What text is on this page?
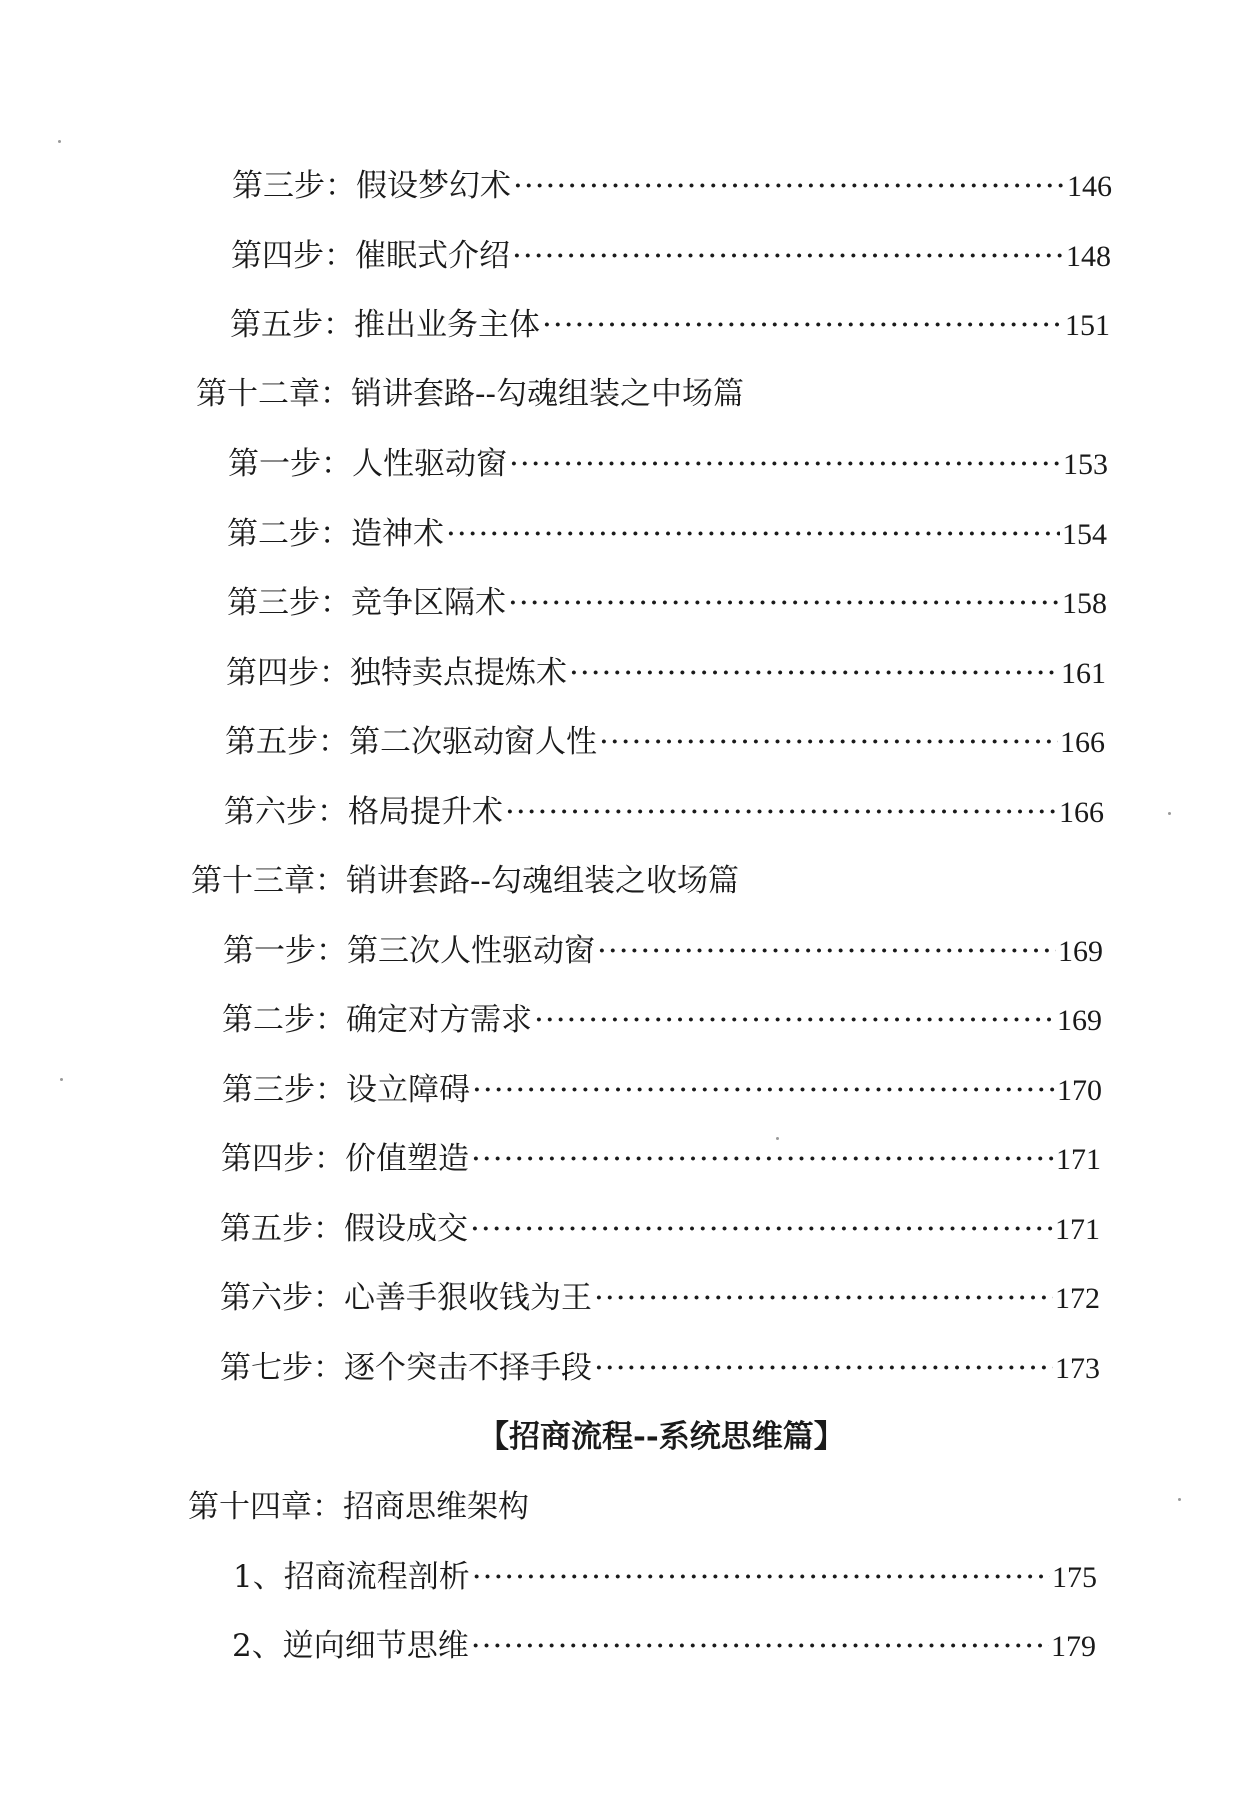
第三步：假设梦幻术 ·····	146
第四步：催眠式介绍 ·····	148
第五步：推出业务主体 ·····	151
第十二章：销讲套路--勾魂组装之中场篇
第一步：人性驱动窗 ·····	153
第二步：造神术 ·····	154
第三步：竞争区隔术 ·····	158
第四步：独特卖点提炼术 ·····	161
第五步：第二次驱动窗人性 ·····	166
第六步：格局提升术 ·····	166
第十三章：销讲套路--勾魂组装之收场篇
第一步：第三次人性驱动窗 ·····	169
第二步：确定对方需求 ·····	169
第三步：设立障碍 ·····	170
第四步：价值塑造 ·····	171
第五步：假设成交 ·····	171
第六步：心善手狠收钱为王 ·····	172
第七步：逐个突击不择手段 ·····	173
【招商流程--系统思维篇】
第十四章：招商思维架构
1、招商流程剖析 ·····	175
2、逆向细节思维 ·····	179
